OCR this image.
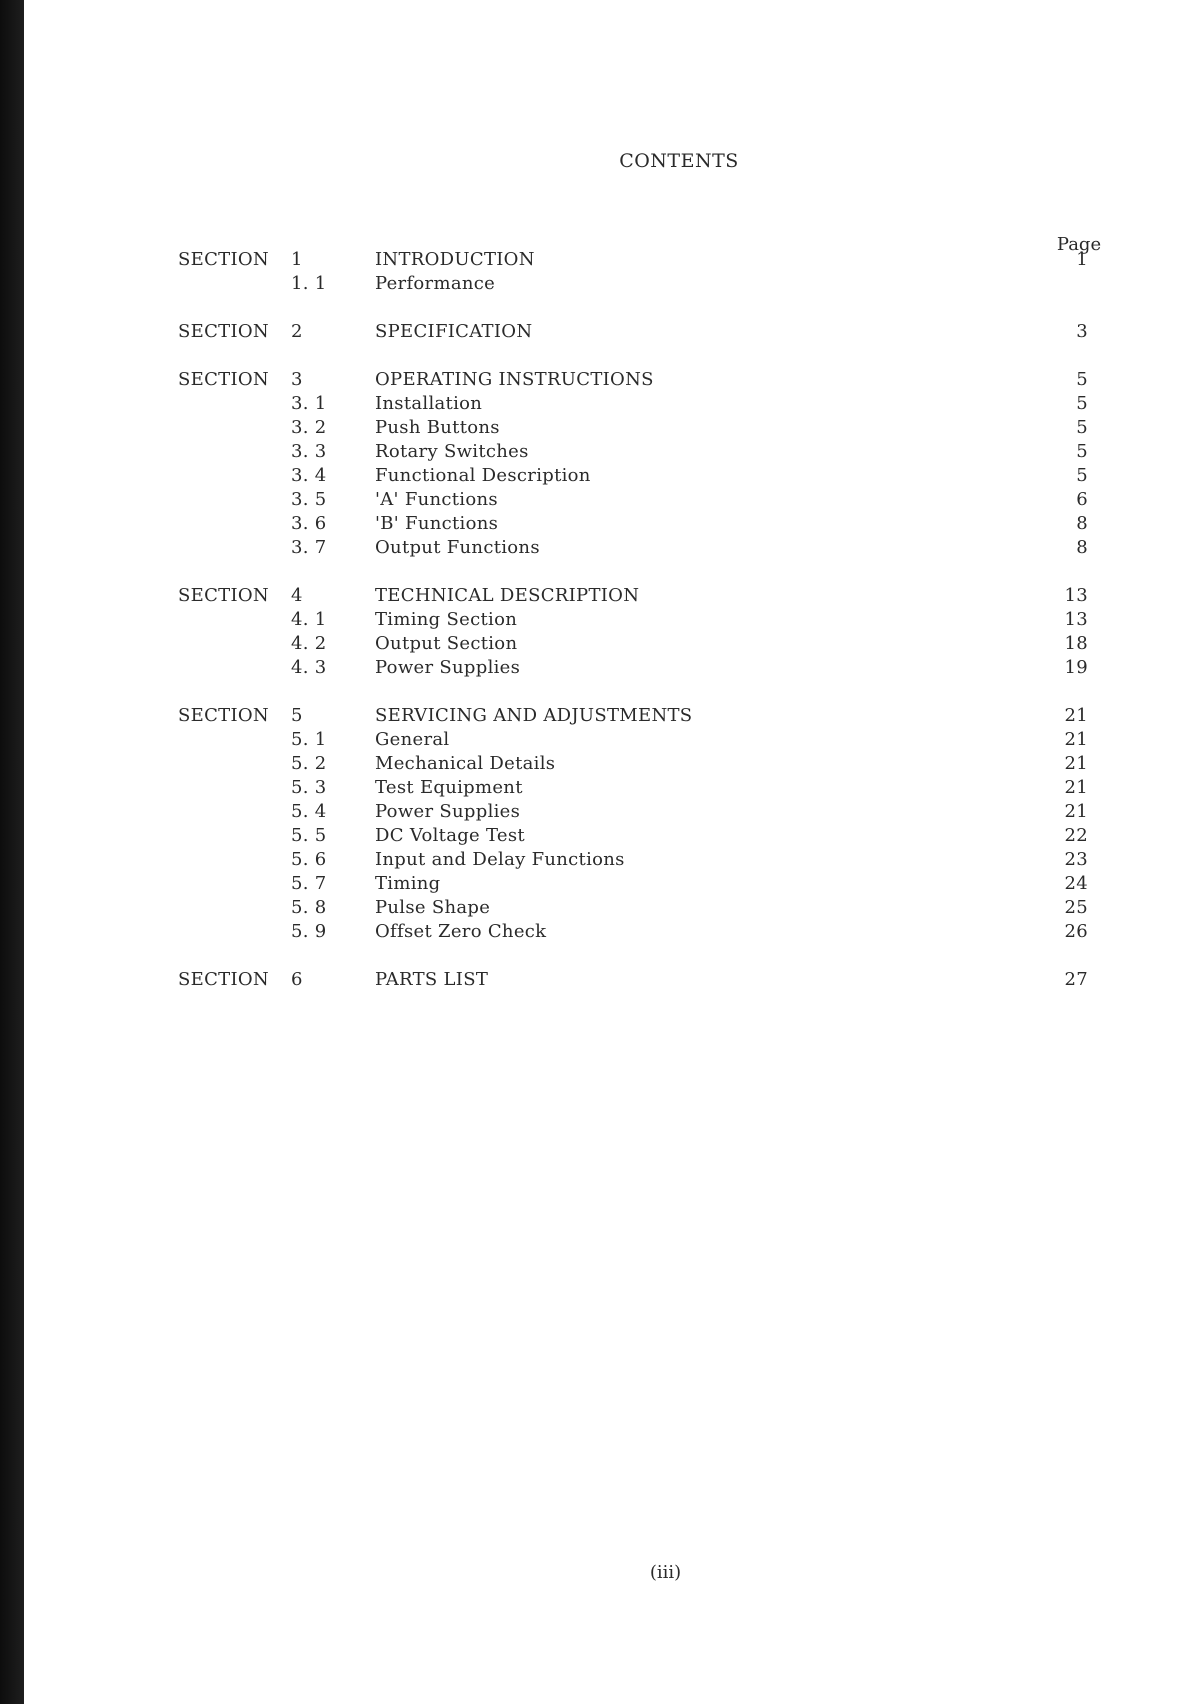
CONTENTS
Page
SECTION 1	INTRODUCTION	1
1. 1	Performance
SECTION 2	SPECIFICATION	3
SECTION 3	OPERATING INSTRUCTIONS	5
3. 1	Installation	5
3. 2	Push Buttons	5
3. 3	Rotary Switches	5
3. 4	Functional Description	5
3. 5	'A' Functions	6
3. 6	'B' Functions	8
3. 7	Output Functions	8
SECTION 4	TECHNICAL DESCRIPTION	13
4. 1	Timing Section	13
4. 2	Output Section	18
4. 3	Power Supplies	19
SECTION 5	SERVICING AND ADJUSTMENTS	21
5. 1	General	21
5. 2	Mechanical Details	21
5. 3	Test Equipment	21
5. 4	Power Supplies	21
5. 5	DC Voltage Test	22
5. 6	Input and Delay Functions	23
5. 7	Timing	24
5. 8	Pulse Shape	25
5. 9	Offset Zero Check	26
SECTION 6	PARTS LIST	27
(iii)
